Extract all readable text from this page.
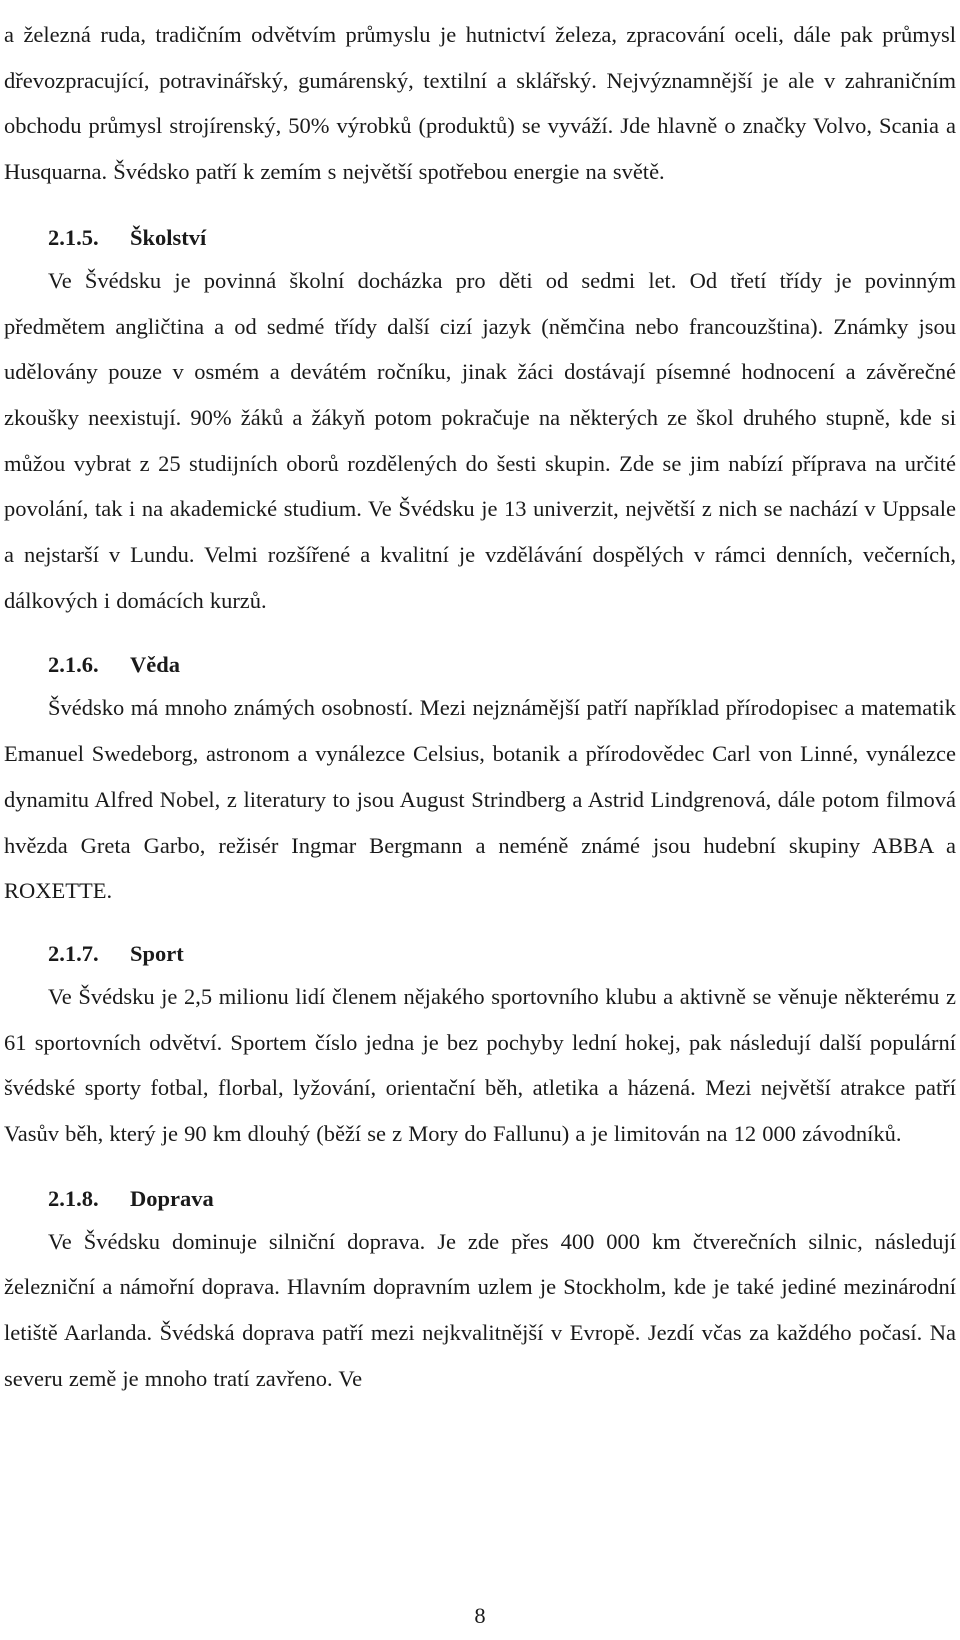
a železná ruda, tradičním odvětvím průmyslu je hutnictví železa, zpracování oceli, dále pak průmysl dřevozpracující, potravinářský, gumárenský, textilní a sklářský. Nejvýznamnější je ale v zahraničním obchodu průmysl strojírenský, 50% výrobků (produktů) se vyváží. Jde hlavně o značky Volvo, Scania a Husquarna. Švédsko patří k zemím s největší spotřebou energie na světě.

2.1.5. Školství

Ve Švédsku je povinná školní docházka pro děti od sedmi let. Od třetí třídy je povinným předmětem angličtina a od sedmé třídy další cizí jazyk (němčina nebo francouzština). Známky jsou udělovány pouze v osmém a devátém ročníku, jinak žáci dostávají písemné hodnocení a závěrečné zkoušky neexistují. 90% žáků a žákyň potom pokračuje na některých ze škol druhého stupně, kde si můžou vybrat z 25 studijních oborů rozdělených do šesti skupin. Zde se jim nabízí příprava na určité povolání, tak i na akademické studium. Ve Švédsku je 13 univerzit, největší z nich se nachází v Uppsale a nejstarší v Lundu. Velmi rozšířené a kvalitní je vzdělávání dospělých v rámci denních, večerních, dálkových i domácích kurzů.

2.1.6. Věda

Švédsko má mnoho známých osobností. Mezi nejznámější patří například přírodopisec a matematik Emanuel Swedeborg, astronom a vynálezce Celsius, botanik a přírodovědec Carl von Linné, vynálezce dynamitu Alfred Nobel, z literatury to jsou August Strindberg a Astrid Lindgrenová, dále potom filmová hvězda Greta Garbo, režisér Ingmar Bergmann a neméně známé jsou hudební skupiny ABBA a ROXETTE.

2.1.7. Sport

Ve Švédsku je 2,5 milionu lidí členem nějakého sportovního klubu a aktivně se věnuje některému z 61 sportovních odvětví. Sportem číslo jedna je bez pochyby lední hokej, pak následují další populární švédské sporty fotbal, florbal, lyžování, orientační běh, atletika a házená. Mezi největší atrakce patří Vasův běh, který je 90 km dlouhý (běží se z Mory do Fallunu) a je limitován na 12 000 závodníků.

2.1.8. Doprava

Ve Švédsku dominuje silniční doprava. Je zde přes 400 000 km čtverečních silnic, následují železniční a námořní doprava. Hlavním dopravním uzlem je Stockholm, kde je také jediné mezinárodní letiště Aarlanda. Švédská doprava patří mezi nejkvalitnější v Evropě. Jezdí včas za každého počasí. Na severu země je mnoho tratí zavřeno. Ve

8
